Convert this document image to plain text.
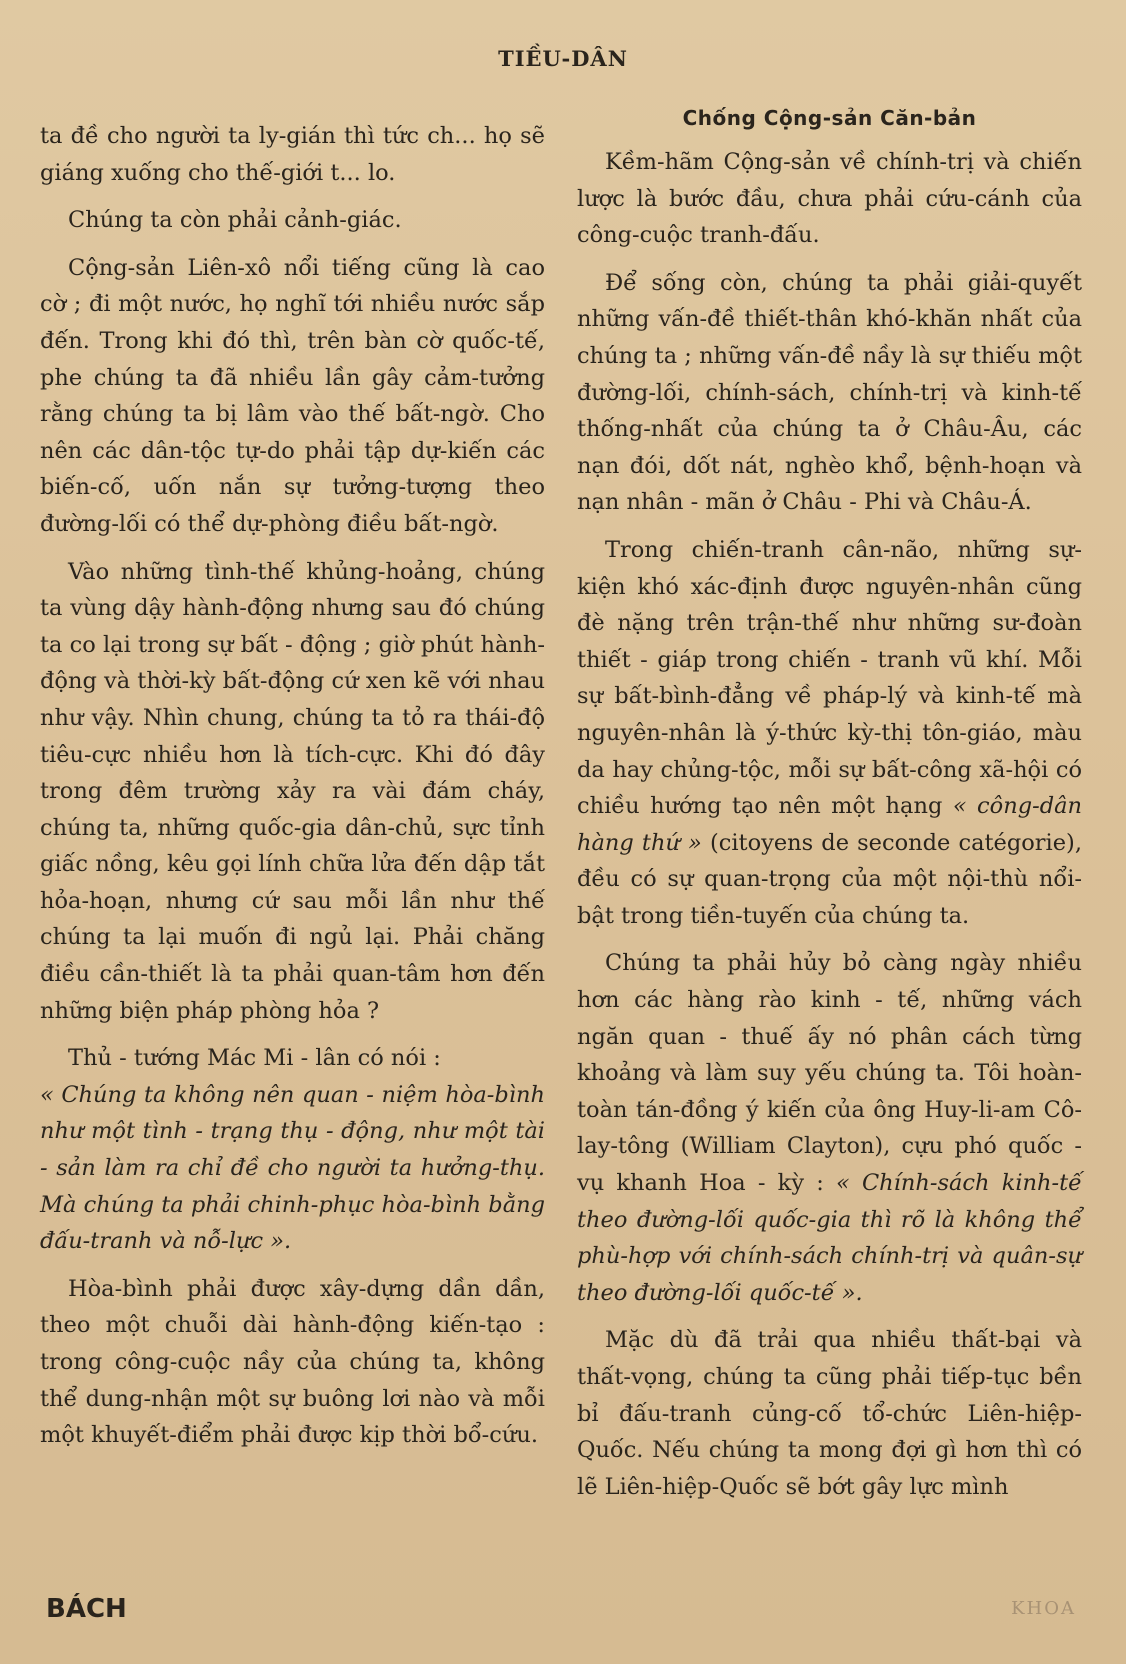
TIỀU-DÂN

ta đề cho người ta ly-gián thì tức ch... họ sẽ giáng xuống cho thế-giới t... lo.

Chúng ta còn phải cảnh-giác.

Cộng-sản Liên-xô nổi tiếng cũng là cao cờ ; đi một nước, họ nghĩ tới nhiều nước sắp đến. Trong khi đó thì, trên bàn cờ quốc-tế, phe chúng ta đã nhiều lần gây cảm-tưởng rằng chúng ta bị lâm vào thế bất-ngờ. Cho nên các dân-tộc tự-do phải tập dự-kiến các biến-cố, uốn nắn sự tưởng-tượng theo đường-lối có thể dự-phòng điều bất-ngờ.

Vào những tình-thế khủng-hoảng, chúng ta vùng dậy hành-động nhưng sau đó chúng ta co lại trong sự bất - động ; giờ phút hành-động và thời-kỳ bất-động cứ xen kẽ với nhau như vậy. Nhìn chung, chúng ta tỏ ra thái-độ tiêu-cực nhiều hơn là tích-cực. Khi đó đây trong đêm trường xảy ra vài đám cháy, chúng ta, những quốc-gia dân-chủ, sực tỉnh giấc nồng, kêu gọi lính chữa lửa đến dập tắt hỏa-hoạn, nhưng cứ sau mỗi lần như thế chúng ta lại muốn đi ngủ lại. Phải chăng điều cần-thiết là ta phải quan-tâm hơn đến những biện pháp phòng hỏa ?

Thủ - tướng Mác Mi - lân có nói :

« Chúng ta không nên quan - niệm hòa-bình như một tình - trạng thụ - động, như một tài - sản làm ra chỉ đề cho người ta hưởng-thụ. Mà chúng ta phải chinh-phục hòa-bình bằng đấu-tranh và nỗ-lực ».

Hòa-bình phải được xây-dựng dần dần, theo một chuỗi dài hành-động kiến-tạo : trong công-cuộc nầy của chúng ta, không thể dung-nhận một sự buông lơi nào và mỗi một khuyết-điểm phải được kịp thời bổ-cứu.

Chống Cộng-sản Căn-bản

Kềm-hãm Cộng-sản về chính-trị và chiến lược là bước đầu, chưa phải cứu-cánh của công-cuộc tranh-đấu.

Để sống còn, chúng ta phải giải-quyết những vấn-đề thiết-thân khó-khăn nhất của chúng ta ; những vấn-đề nầy là sự thiếu một đường-lối, chính-sách, chính-trị và kinh-tế thống-nhất của chúng ta ở Châu-Âu, các nạn đói, dốt nát, nghèo khổ, bệnh-hoạn và nạn nhân - mãn ở Châu - Phi và Châu-Á.

Trong chiến-tranh cân-não, những sự-kiện khó xác-định được nguyên-nhân cũng đè nặng trên trận-thế như những sư-đoàn thiết - giáp trong chiến - tranh vũ khí. Mỗi sự bất-bình-đẳng về pháp-lý và kinh-tế mà nguyên-nhân là ý-thức kỳ-thị tôn-giáo, màu da hay chủng-tộc, mỗi sự bất-công xã-hội có chiều hướng tạo nên một hạng « công-dân hàng thứ » (citoyens de seconde catégorie), đều có sự quan-trọng của một nội-thù nổi-bật trong tiền-tuyến của chúng ta.

Chúng ta phải hủy bỏ càng ngày nhiều hơn các hàng rào kinh - tế, những vách ngăn quan - thuế ấy nó phân cách từng khoảng và làm suy yếu chúng ta. Tôi hoàn-toàn tán-đồng ý kiến của ông Huy-li-am Cô-lay-tông (William Clayton), cựu phó quốc - vụ khanh Hoa - kỳ : « Chính-sách kinh-tế theo đường-lối quốc-gia thì rõ là không thể phù-hợp với chính-sách chính-trị và quân-sự theo đường-lối quốc-tế ».

Mặc dù đã trải qua nhiều thất-bại và thất-vọng, chúng ta cũng phải tiếp-tục bền bỉ đấu-tranh củng-cố tổ-chức Liên-hiệp-Quốc. Nếu chúng ta mong đợi gì hơn thì có lẽ Liên-hiệp-Quốc sẽ bớt gây lực mình

BÁCH	KHOA
